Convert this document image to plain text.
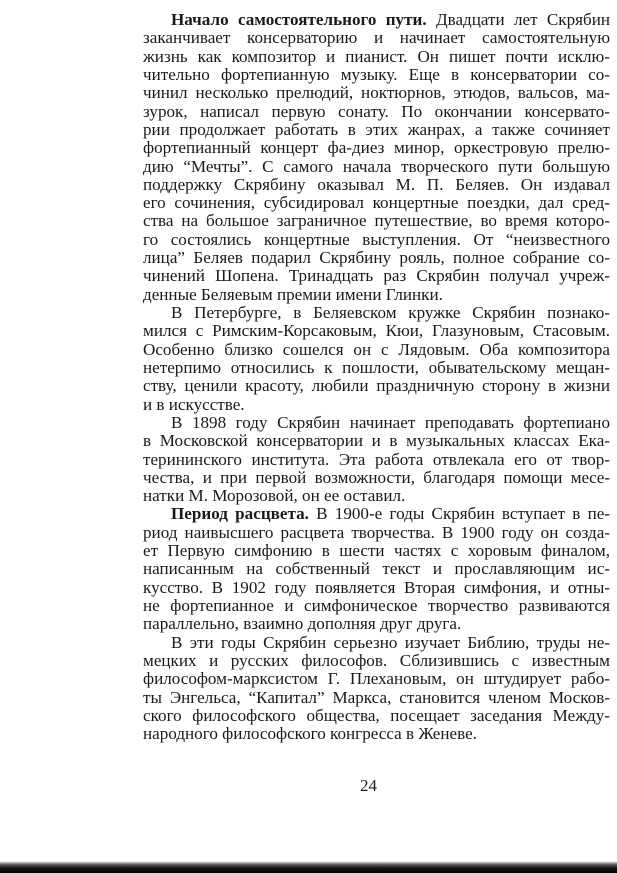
Начало самостоятельного пути. Двадцати лет Скрябин
заканчивает консерваторию и начинает самостоятельную
жизнь как композитор и пианист. Он пишет почти исклю-
чительно фортепианную музыку. Еще в консерватории со-
чинил несколько прелюдий, ноктюрнов, этюдов, вальсов, ма-
зурок, написал первую сонату. По окончании консервато-
рии продолжает работать в этих жанрах, а также сочиняет
фортепианный концерт фа-диез минор, оркестровую прелю-
дию “Мечты”. С самого начала творческого пути большую
поддержку Скрябину оказывал М. П. Беляев. Он издавал
его сочинения, субсидировал концертные поездки, дал сред-
ства на большое заграничное путешествие, во время которо-
го состоялись концертные выступления. От “неизвестного
лица” Беляев подарил Скрябину рояль, полное собрание со-
чинений Шопена. Тринадцать раз Скрябин получал учреж-
денные Беляевым премии имени Глинки.
В Петербурге, в Беляевском кружке Скрябин познако-
мился с Римским-Корсаковым, Кюи, Глазуновым, Стасовым.
Особенно близко сошелся он с Лядовым. Оба композитора
нетерпимо относились к пошлости, обывательскому мещан-
ству, ценили красоту, любили праздничную сторону в жизни
и в искусстве.
В 1898 году Скрябин начинает преподавать фортепиано
в Московской консерватории и в музыкальных классах Ека-
терининского института. Эта работа отвлекала его от твор-
чества, и при первой возможности, благодаря помощи мece-
натки М. Морозовой, он ее оставил.
Период расцвета. В 1900-е годы Скрябин вступает в пе-
риод наивысшего расцвета творчества. В 1900 году он созда-
ет Первую симфонию в шести частях с хоровым финалом,
написанным на собственный текст и прославляющим ис-
кусство. В 1902 году появляется Вторая симфония, и отны-
не фортепианное и симфоническое творчество развиваются
параллельно, взаимно дополняя друг друга.
В эти годы Скрябин серьезно изучает Библию, труды не-
мецких и русских философов. Сблизившись с известным
философом-марксистом Г. Плехановым, он штудирует рабо-
ты Энгельса, “Капитал” Маркса, становится членом Москов-
ского философского общества, посещает заседания Между-
народного философского конгресса в Женеве.
24
